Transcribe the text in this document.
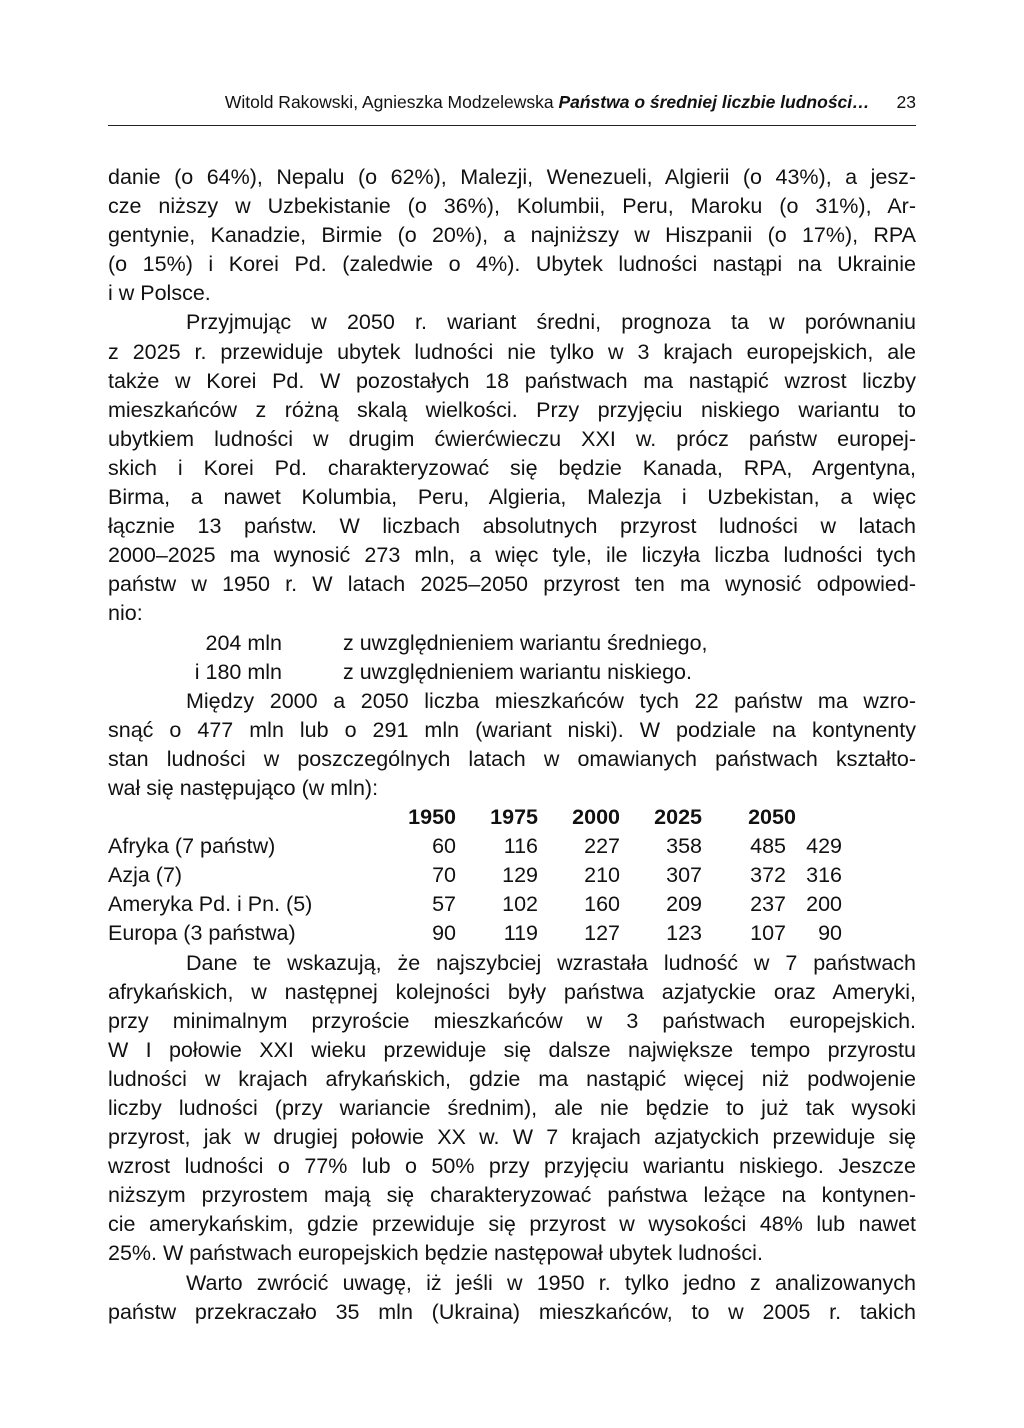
Witold Rakowski, Agnieszka Modzelewska Państwa o średniej liczbie ludności… 23

danie (o 64%), Nepalu (o 62%), Malezji, Wenezueli, Algierii (o 43%), a jesz-

cze niższy w Uzbekistanie (o 36%), Kolumbii, Peru, Maroku (o 31%), Ar-

gentynie, Kanadzie, Birmie (o 20%), a najniższy w Hiszpanii (o 17%), RPA

(o 15%) i Korei Pd. (zaledwie o 4%). Ubytek ludności nastąpi na Ukrainie

i w Polsce.

Przyjmując w 2050 r. wariant średni, prognoza ta w porównaniu

z 2025 r. przewiduje ubytek ludności nie tylko w 3 krajach europejskich, ale

także w Korei Pd. W pozostałych 18 państwach ma nastąpić wzrost liczby

mieszkańców z różną skalą wielkości. Przy przyjęciu niskiego wariantu to

ubytkiem ludności w drugim ćwierćwieczu XXI w. prócz państw europej-

skich i Korei Pd. charakteryzować się będzie Kanada, RPA, Argentyna,

Birma, a nawet Kolumbia, Peru, Algieria, Malezja i Uzbekistan, a więc

łącznie 13 państw. W liczbach absolutnych przyrost ludności w latach

2000–2025 ma wynosić 273 mln, a więc tyle, ile liczyła liczba ludności tych

państw w 1950 r. W latach 2025–2050 przyrost ten ma wynosić odpowied-

nio:

204 mln	z uwzględnieniem wariantu średniego,
i 180 mln	z uwzględnieniem wariantu niskiego.

Między 2000 a 2050 liczba mieszkańców tych 22 państw ma wzro-

snąć o 477 mln lub o 291 mln (wariant niski). W podziale na kontynenty

stan ludności w poszczególnych latach w omawianych państwach kształto-

wał się następująco (w mln):

1950	1975	2000	2025	2050
Afryka (7 państw)	60	116	227	358	485 429
Azja (7)	70	129	210	307	372 316
Ameryka Pd. i Pn. (5)	57	102	160	209	237 200
Europa (3 państwa)	90	119	127	123	107	90

Dane te wskazują, że najszybciej wzrastała ludność w 7 państwach

afrykańskich, w następnej kolejności były państwa azjatyckie oraz Ameryki,

przy minimalnym przyroście mieszkańców w 3 państwach europejskich.

W I połowie XXI wieku przewiduje się dalsze największe tempo przyrostu

ludności w krajach afrykańskich, gdzie ma nastąpić więcej niż podwojenie

liczby ludności (przy wariancie średnim), ale nie będzie to już tak wysoki

przyrost, jak w drugiej połowie XX w. W 7 krajach azjatyckich przewiduje się

wzrost ludności o 77% lub o 50% przy przyjęciu wariantu niskiego. Jeszcze

niższym przyrostem mają się charakteryzować państwa leżące na kontynen-

cie amerykańskim, gdzie przewiduje się przyrost w wysokości 48% lub nawet

25%. W państwach europejskich będzie następował ubytek ludności.

Warto zwrócić uwagę, iż jeśli w 1950 r. tylko jedno z analizowanych

państw przekraczało 35 mln (Ukraina) mieszkańców, to w 2005 r. takich
